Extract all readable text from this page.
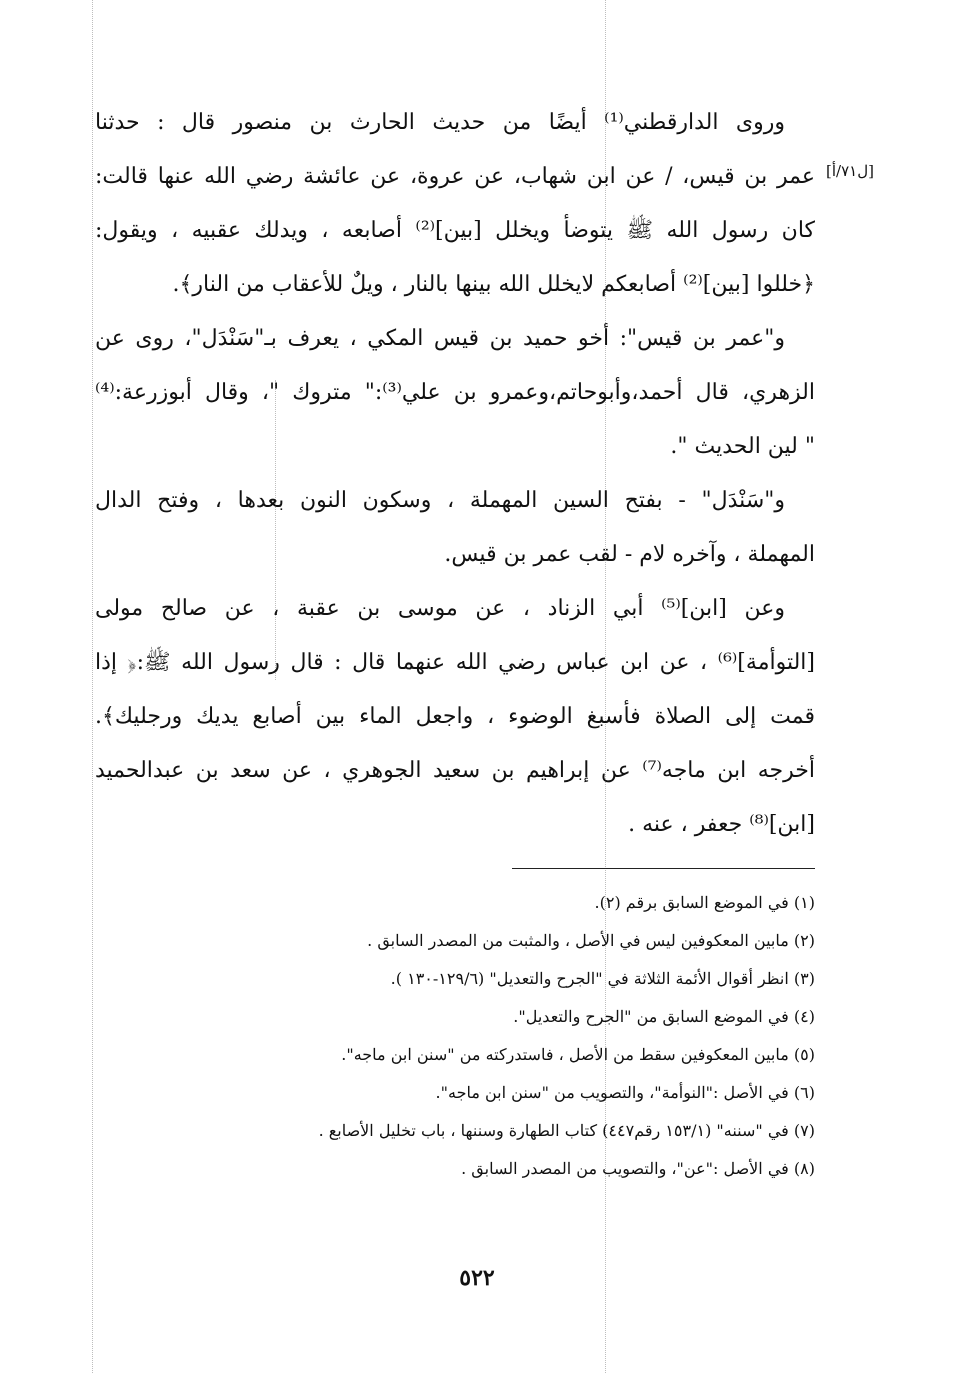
[ل٧١/أ]
وروى الدارقطني⁽¹⁾ أيضًا من حديث الحارث بن منصور قال : حدثنا
عمر بن قيس، / عن ابن شهاب، عن عروة، عن عائشة رضي الله عنها قالت:
كان رسول الله ﷺ يتوضأ ويخلل [بين]⁽²⁾ أصابعه ، ويدلك عقبيه ، ويقول:
﴿خللوا [بين]⁽²⁾ أصابعكم لايخلل الله بينها بالنار ، ويلٌ للأعقاب من النار﴾.
و"عمر بن قيس": أخو حميد بن قيس المكي ، يعرف بـ"سَنْدَل"، روى عن
الزهري، قال أحمد،وأبوحاتم،وعمرو بن علي⁽³⁾:" متروك "، وقال أبوزرعة:⁽⁴⁾
" لين الحديث ".
و"سَنْدَل" - بفتح السين المهملة ، وسكون النون بعدها ، وفتح الدال
المهملة ، وآخره لام - لقب عمر بن قيس.
وعن [ابن]⁽⁵⁾ أبي الزناد ، عن موسى بن عقبة ، عن صالح مولى
[التوأمة]⁽⁶⁾ ، عن ابن عباس رضي الله عنهما قال : قال رسول الله ﷺ:﴿ إذا
قمت إلى الصلاة فأسبغ الوضوء ، واجعل الماء بين أصابع يديك ورجليك﴾.
أخرجه ابن ماجه⁽⁷⁾ عن إبراهيم بن سعيد الجوهري ، عن سعد بن عبدالحميد
[ابن]⁽⁸⁾ جعفر ، عنه .
(١) في الموضع السابق برقم (٢).
(٢) مابين المعكوفين ليس في الأصل ، والمثبت من المصدر السابق .
(٣) انظر أقوال الأئمة الثلاثة في "الجرح والتعديل" (١٢٩/٦-١٣٠ ).
(٤) في الموضع السابق من "الجرح والتعديل".
(٥) مابين المعكوفين سقط من الأصل ، فاستدركته من "سنن ابن ماجه".
(٦) في الأصل :"النوأمة"، والتصويب من "سنن ابن ماجه".
(٧) في "سننه" (١٥٣/١ رقم٤٤٧) كتاب الطهارة وسننها ، باب تخليل الأصابع .
(٨) في الأصل :"عن"، والتصويب من المصدر السابق .
٥٢٢
